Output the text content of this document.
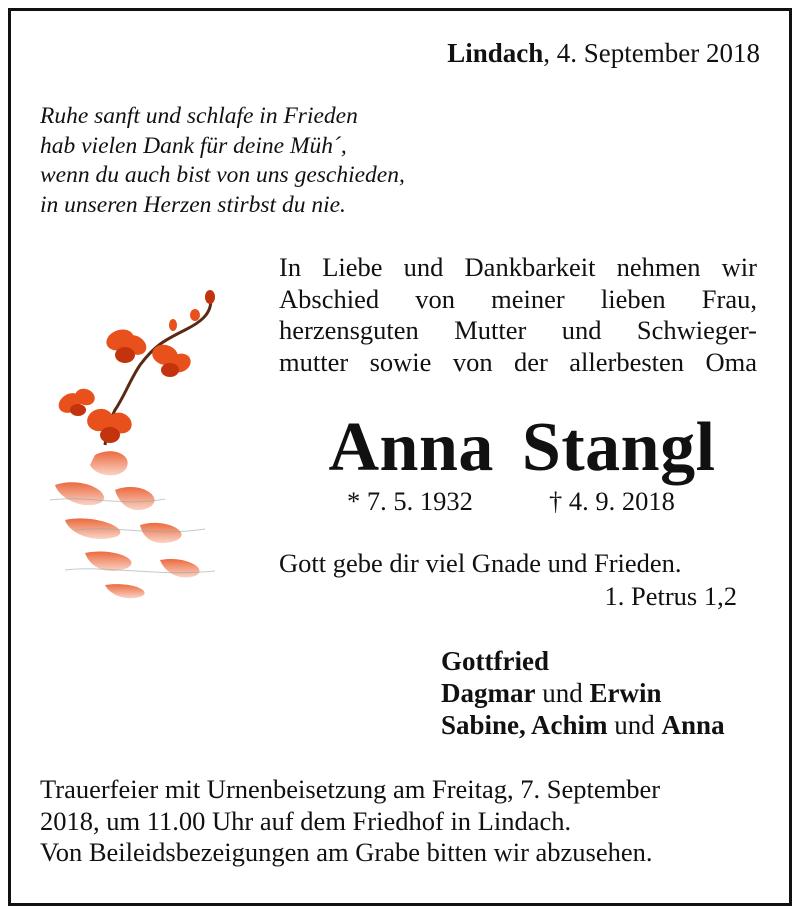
Lindach, 4. September 2018
Ruhe sanft und schlafe in Frieden
hab vielen Dank für deine Müh´,
wenn du auch bist von uns geschieden,
in unseren Herzen stirbst du nie.
In Liebe und Dankbarkeit nehmen wir
Abschied von meiner lieben Frau,
herzensguten Mutter und Schwieger-
mutter sowie von der allerbesten Oma
Anna Stangl
* 7. 5. 1932	† 4. 9. 2018
Gott gebe dir viel Gnade und Frieden.
1. Petrus 1,2
Gottfried
Dagmar und Erwin
Sabine, Achim und Anna
Trauerfeier mit Urnenbeisetzung am Freitag, 7. September
2018, um 11.00 Uhr auf dem Friedhof in Lindach.
Von Beileidsbezeigungen am Grabe bitten wir abzusehen.
